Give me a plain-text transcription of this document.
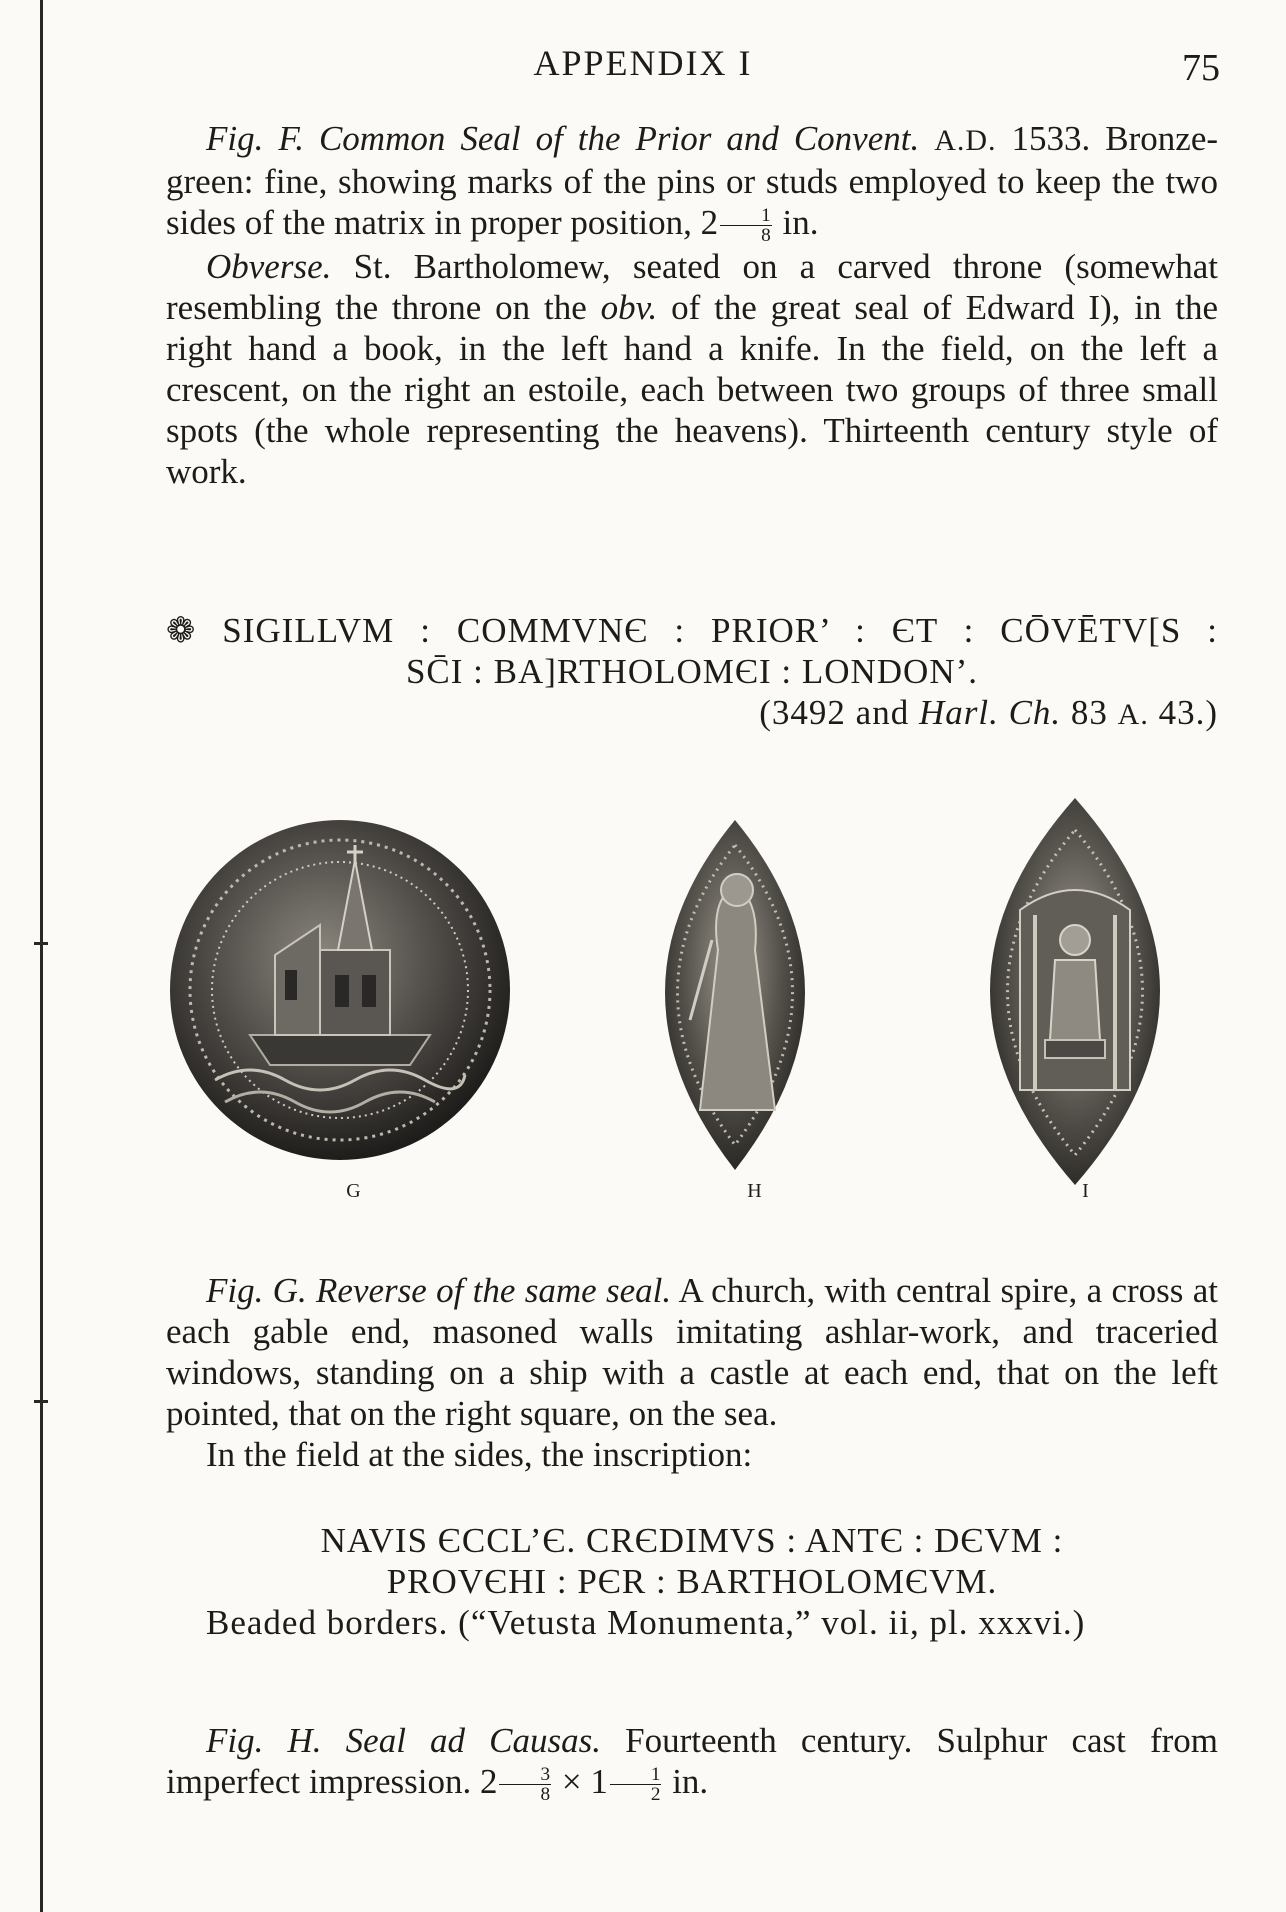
APPENDIX I	75

Fig. F. Common Seal of the Prior and Convent. A.D. 1533. Bronze-green: fine, showing marks of the pins or studs employed to keep the two sides of the matrix in proper position, $2 \frac{1}{8}$ in.

Obverse. St. Bartholomew, seated on a carved throne (somewhat resembling the throne on the obv. of the great seal of Edward I), in the right hand a book, in the left hand a knife. In the field, on the left a crescent, on the right an estoile, each between two groups of three small spots (the whole representing the heavens). Thirteenth century style of work.

❁ SIGILLVM : COMMVNЄ : PRIOR’ : ЄT : CŌVĒTV[S :
SC̄I : BA]RTHOLOMЄI : LONDON’.
(3492 and Harl. Ch. 83 A. 43.)
G	H	I

Fig. G. Reverse of the same seal. A church, with central spire, a cross at each gable end, masoned walls imitating ashlar-work, and traceried windows, standing on a ship with a castle at each end, that on the left pointed, that on the right square, on the sea.

In the field at the sides, the inscription:

NAVIS ЄCCL’Є. CRЄDIMVS : ANTЄ : DЄVM :
PROVЄHI : PЄR : BARTHOLOMЄVM.
Beaded borders. (“Vetusta Monumenta,” vol. ii, pl. xxxvi.)

Fig. H. Seal ad Causas. Fourteenth century. Sulphur cast from imperfect impression. $2 \frac{3}{8} \times 1 \frac{1}{2}$ in.
